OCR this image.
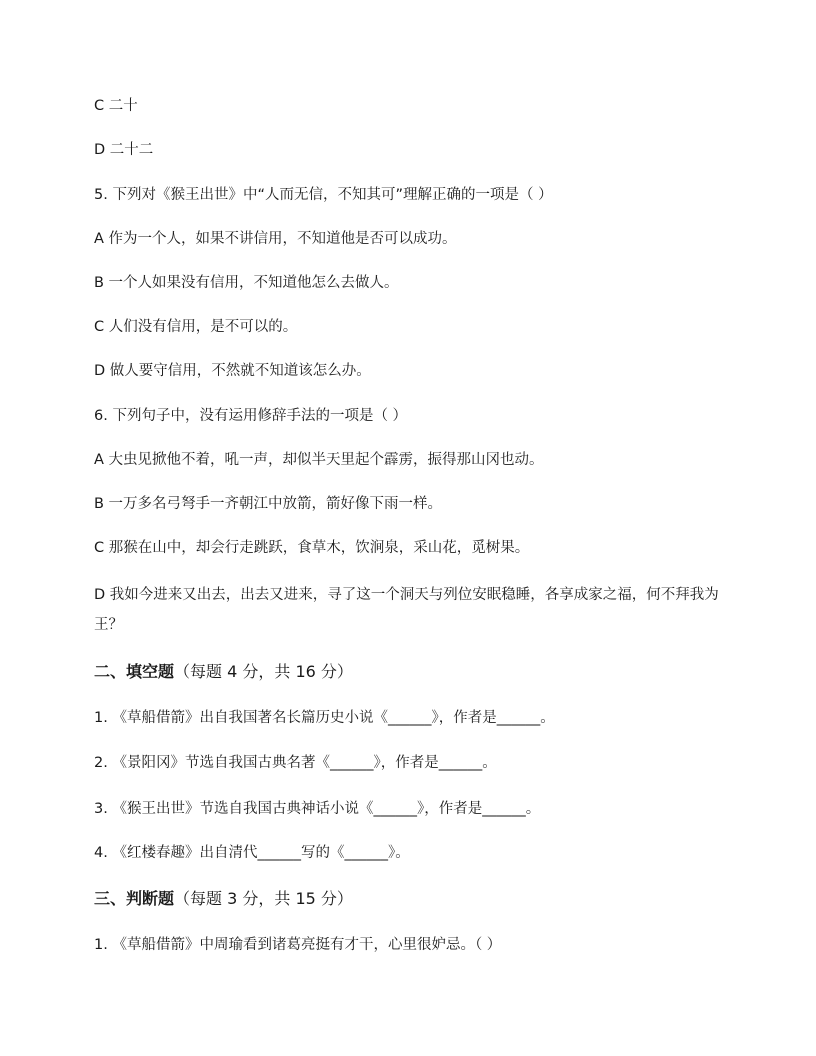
C 二十
D 二十二
5. 下列对《猴王出世》中“人而无信，不知其可”理解正确的一项是（ ）
A 作为一个人，如果不讲信用，不知道他是否可以成功。
B 一个人如果没有信用，不知道他怎么去做人。
C 人们没有信用，是不可以的。
D 做人要守信用，不然就不知道该怎么办。
6. 下列句子中，没有运用修辞手法的一项是（ ）
A 大虫见掀他不着，吼一声，却似半天里起个霹雳，振得那山冈也动。
B 一万多名弓弩手一齐朝江中放箭，箭好像下雨一样。
C 那猴在山中，却会行走跳跃，食草木，饮涧泉，采山花，觅树果。
D 我如今进来又出去，出去又进来，寻了这一个洞天与列位安眠稳睡，各享成家之福，何不拜我为王？
二、填空题（每题 4 分，共 16 分）
1. 《草船借箭》出自我国著名长篇历史小说《______》，作者是______。
2. 《景阳冈》节选自我国古典名著《______》，作者是______。
3. 《猴王出世》节选自我国古典神话小说《______》，作者是______。
4. 《红楼春趣》出自清代______写的《______》。
三、判断题（每题 3 分，共 15 分）
1. 《草船借箭》中周瑜看到诸葛亮挺有才干，心里很妒忌。（ ）
